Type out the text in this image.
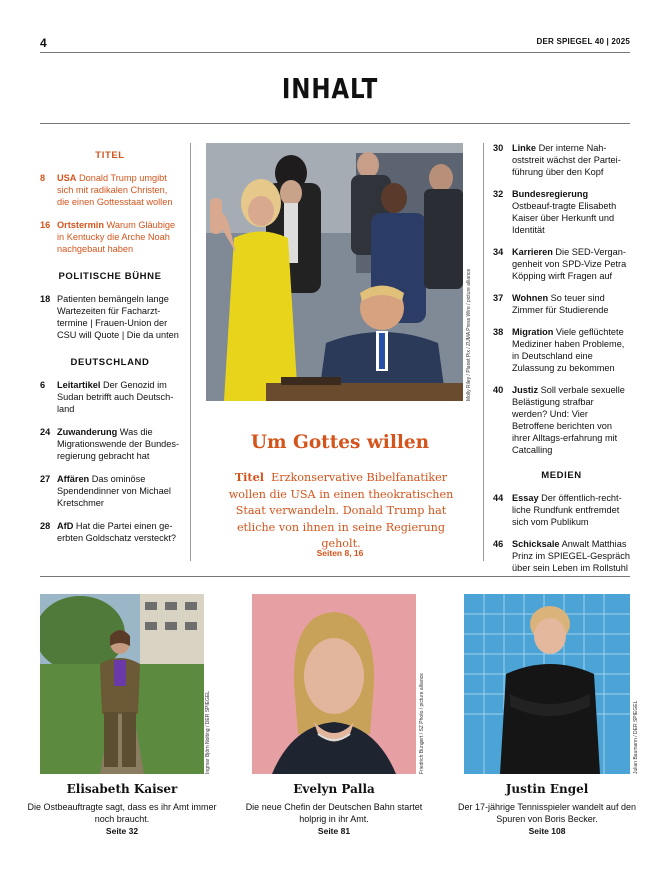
4	DER SPIEGEL 40 | 2025
INHALT
TITEL
8 USA Donald Trump umgibt sich mit radikalen Christen, die einen Gottesstaat wollen
16 Ortstermin Warum Gläubige in Kentucky die Arche Noah nachgebaut haben
POLITISCHE BÜHNE
18 Patienten bemängeln lange Wartezeiten für Facharzt-termine | Frauen-Union der CSU will Quote | Die da unten
DEUTSCHLAND
6 Leitartikel Der Genozid im Sudan betrifft auch Deutsch-land
24 Zuwanderung Was die Migrationswende der Bundes-regierung gebracht hat
27 Affären Das ominöse Spendendinner von Michael Kretschmer
28 AfD Hat die Partei einen ge-erbten Goldschatz versteckt?
Molly Riley / Planet Pix / ZUMA Press Wire / picture alliance
Um Gottes willen

Titel Erzkonservative Bibelfanatiker wollen die USA in einen theokratischen Staat verwandeln. Donald Trump hat etliche von ihnen in seine Regierung geholt.

Seiten 8, 16
30 Linke Der interne Nah-oststreit wächst der Partei-führung über den Kopf
32 Bundesregierung Ostbeauf-tragte Elisabeth Kaiser über Herkunft und Identität
34 Karrieren Die SED-Vergan-genheit von SPD-Vize Petra Köpping wirft Fragen auf
37 Wohnen So teuer sind Zimmer für Studierende
38 Migration Viele geflüchtete Mediziner haben Probleme, in Deutschland eine Zulassung zu bekommen
40 Justiz Soll verbale sexuelle Belästigung strafbar werden? Und: Vier Betroffene berichten von ihrer Alltags-erfahrung mit Catcalling
MEDIEN
44 Essay Der öffentlich-recht-liche Rundfunk entfremdet sich vom Publikum
46 Schicksale Anwalt Matthias Prinz im SPIEGEL-Gespräch über sein Leben im Rollstuhl
Ingmar Björn Nolting / DER SPIEGEL
Elisabeth Kaiser
Die Ostbeauftragte sagt, dass es ihr Amt immer noch braucht.
Seite 32
Friedrich Bungert / SZ Photo / picture alliance
Evelyn Palla
Die neue Chefin der Deutschen Bahn startet holprig in ihr Amt.
Seite 81
Julian Baumann / DER SPIEGEL
Justin Engel
Der 17-jährige Tennisspieler wandelt auf den Spuren von Boris Becker.
Seite 108
